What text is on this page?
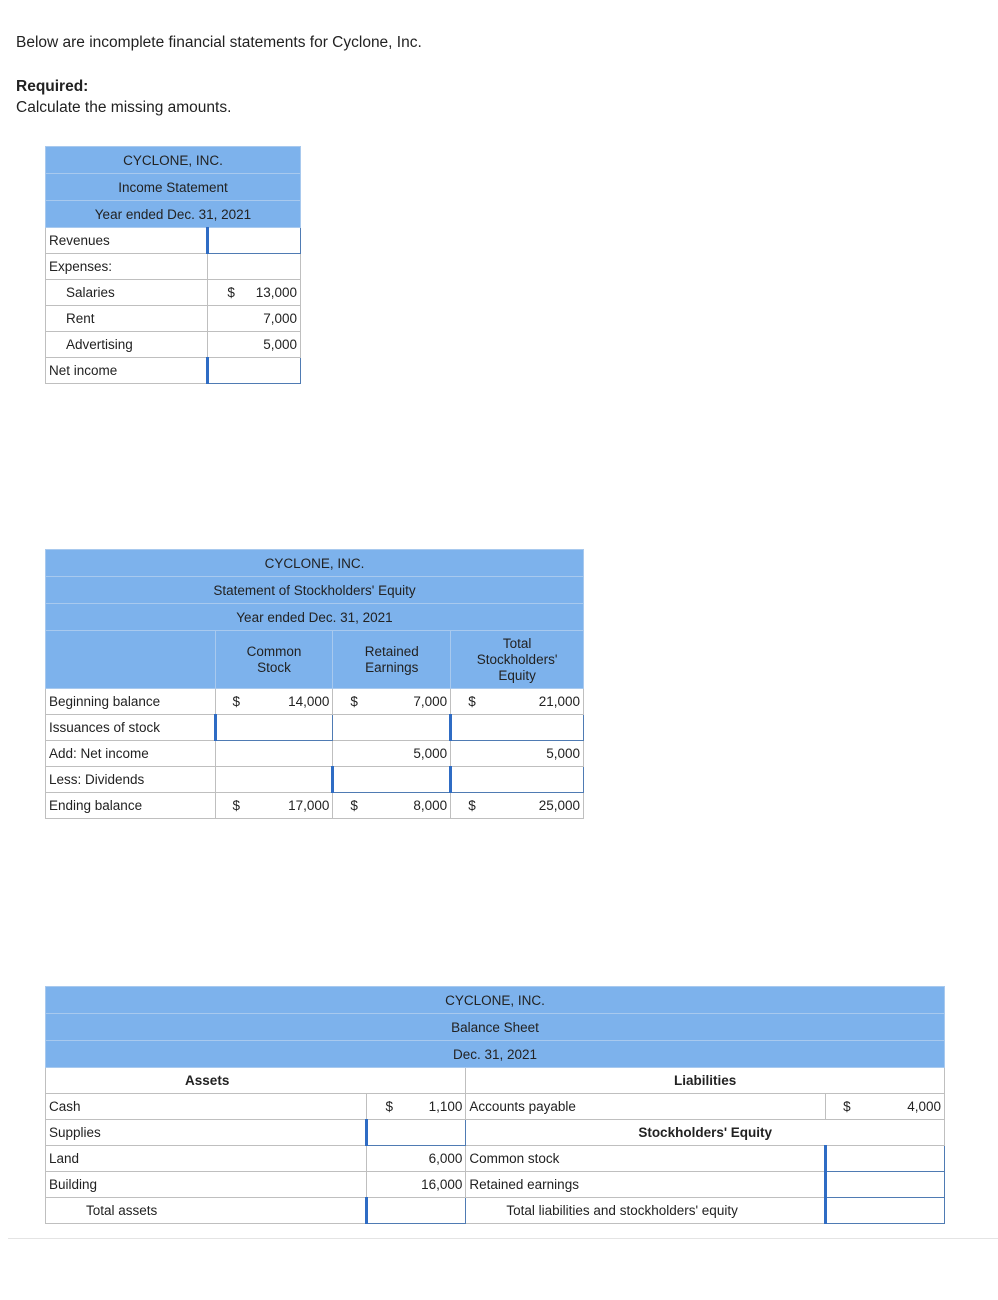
Below are incomplete financial statements for Cyclone, Inc.
Required:
Calculate the missing amounts.
CYCLONE, INC.	
Income Statement	
Year ended Dec. 31, 2021	
Revenues	
Expenses:	
Salaries	$ 13,000
Rent	7,000
Advertising	5,000
Net income	
CYCLONE, INC.			
Statement of Stockholders' Equity			
Year ended Dec. 31, 2021			
	Common Stock	Retained Earnings	Total Stockholders' Equity
Beginning balance	$ 14,000	$ 7,000	$ 21,000
Issuances of stock			
Add: Net income		5,000	5,000
Less: Dividends			
Ending balance	$ 17,000	$ 8,000	$ 25,000
CYCLONE, INC.			
Balance Sheet			
Dec. 31, 2021			
Assets		Liabilities	
Cash	$ 1,100	Accounts payable	$ 4,000
Supplies		Stockholders' Equity	
Land	6,000	Common stock	
Building	16,000	Retained earnings	
Total assets		Total liabilities and stockholders' equity	
